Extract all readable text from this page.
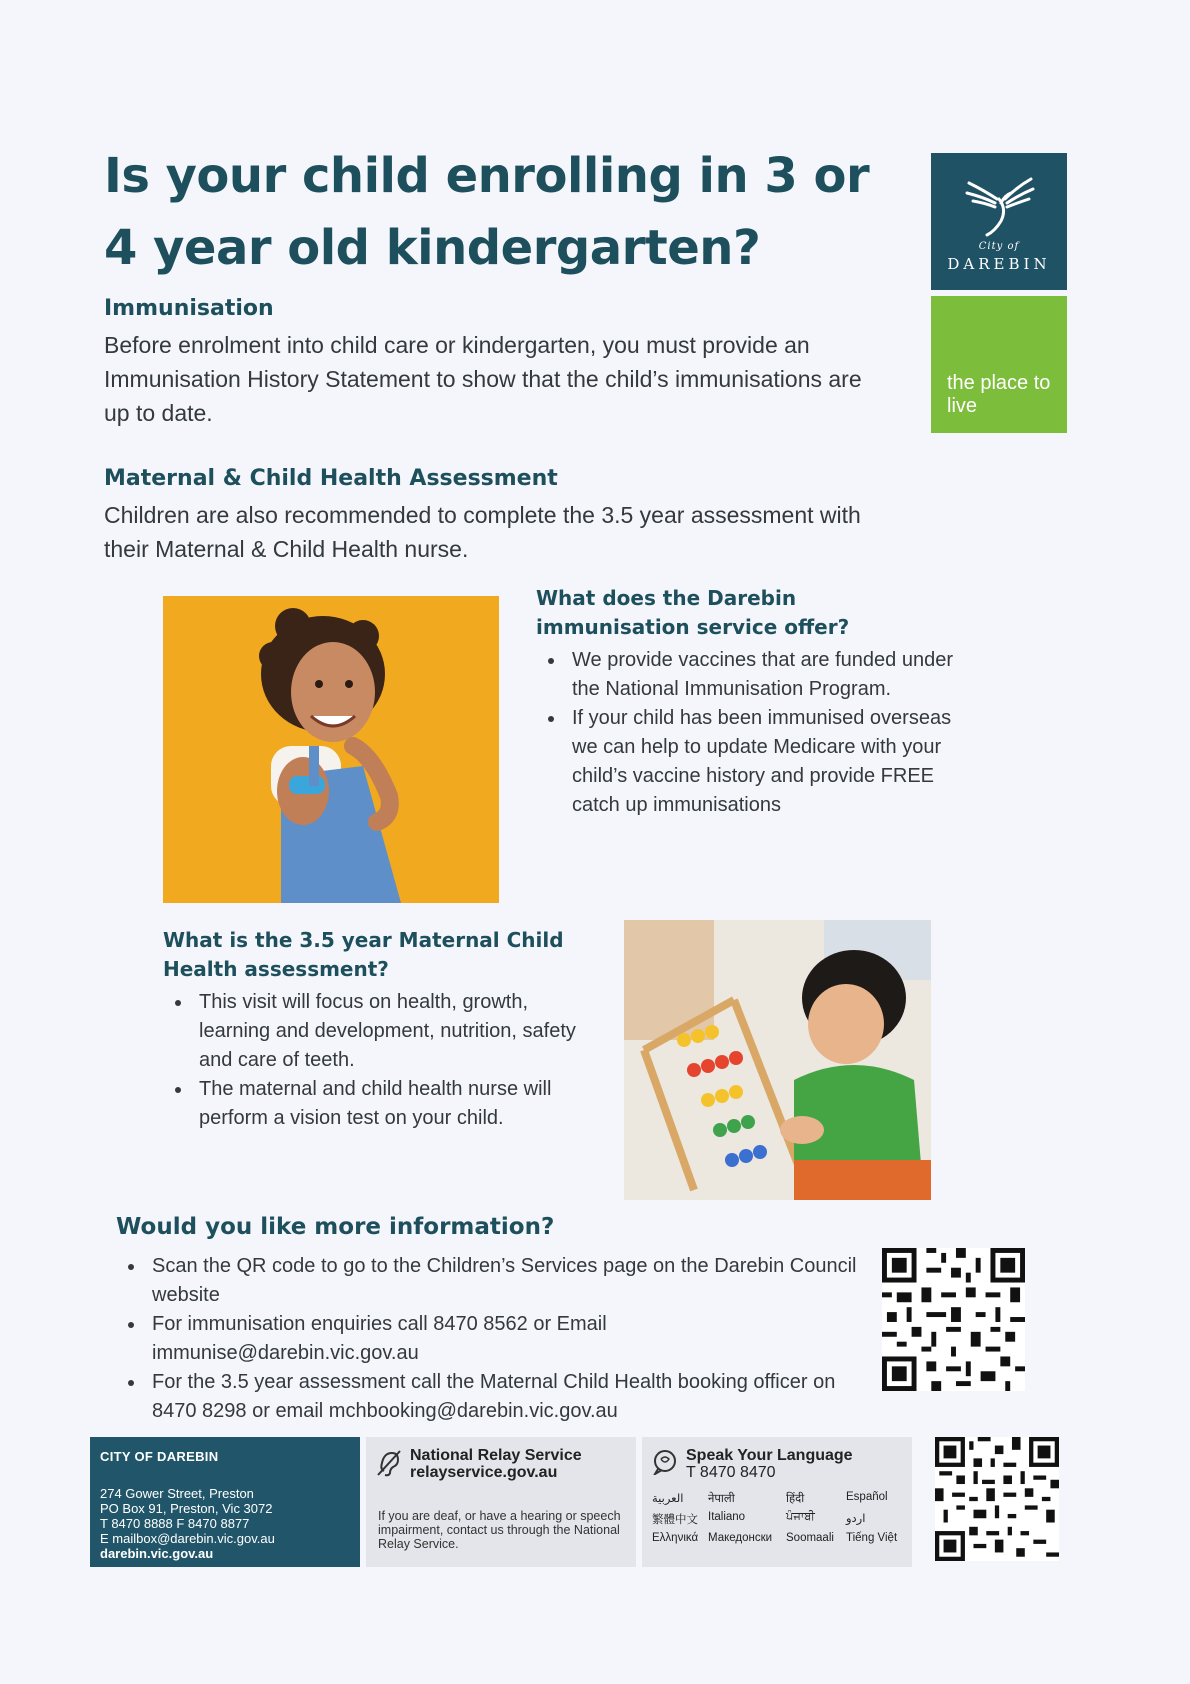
Is your child enrolling in 3 or 4 year old kindergarten?	City of
DAREBIN
the place to live
Immunisation

Before enrolment into child care or kindergarten, you must provide an Immunisation History Statement to show that the child’s immunisations are up to date.

Maternal & Child Health Assessment

Children are also recommended to complete the 3.5 year assessment with their Maternal & Child Health nurse.

What does the Darebin immunisation service offer?
We provide vaccines that are funded under the National Immunisation Program.
If your child has been immunised overseas we can help to update Medicare with your child’s vaccine history and provide FREE catch up immunisations
What is the 3.5 year Maternal Child Health assessment?
This visit will focus on health, growth, learning and development, nutrition, safety and care of teeth.
The maternal and child health nurse will perform a vision test on your child.
Would you like more information?
Scan the QR code to go to the Children’s Services page on the Darebin Council website
For immunisation enquiries call 8470 8562 or Email immunise@darebin.vic.gov.au
For the 3.5 year assessment call the Maternal Child Health booking officer on 8470 8298 or email mchbooking@darebin.vic.gov.au
CITY OF DAREBIN
274 Gower Street, Preston
PO Box 91, Preston, Vic 3072
T 8470 8888 F 8470 8877
E mailbox@darebin.vic.gov.au
darebin.vic.gov.au
National Relay Service
relayservice.gov.au
If you are deaf, or have a hearing or speech impairment, contact us through the National Relay Service.
Speak Your Language
T 8470 8470
العربية	नेपाली	हिंदी	Español
繁體中文 Italiano	ਪੰਜਾਬੀ	اردو
Ελληνικά Македонски	Soomaali	Tiếng Việt
